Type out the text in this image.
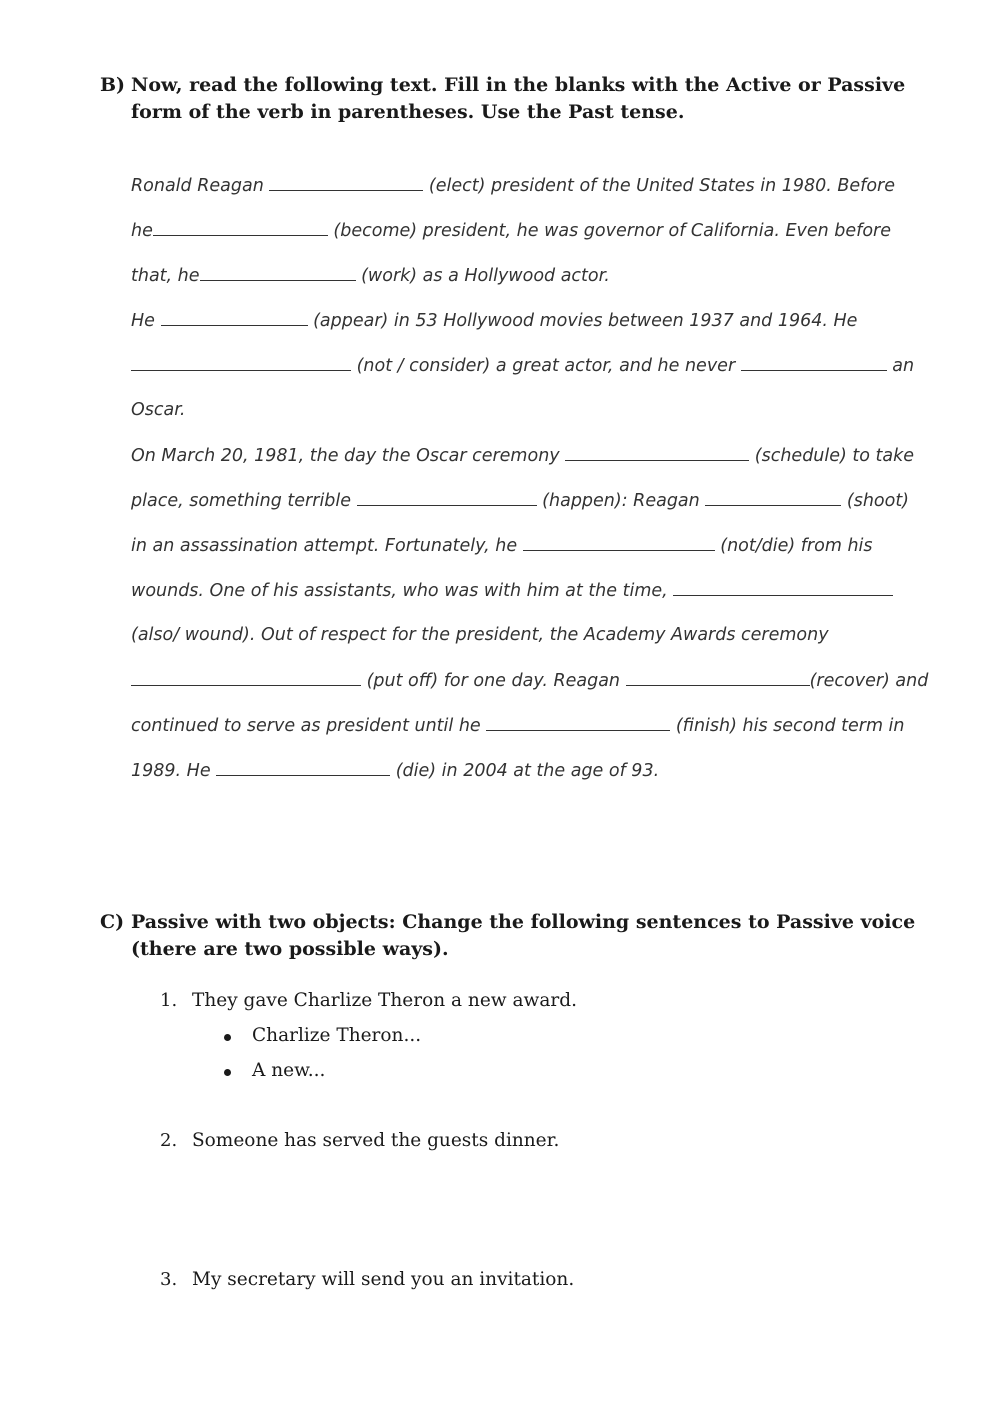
B) Now, read the following text. Fill in the blanks with the Active or Passive form of the verb in parentheses. Use the Past tense.
Ronald Reagan	(elect) president of the United States in 1980. Before
he	(become) president, he was governor of California. Even before
that, he	(work) as a Hollywood actor.
He	(appear) in 53 Hollywood movies between 1937 and 1964. He
(not / consider) a great actor, and he never	an
Oscar.
On March 20, 1981, the day the Oscar ceremony	(schedule) to take
place, something terrible	(happen): Reagan	(shoot)
in an assassination attempt. Fortunately, he	(not/die) from his
wounds. One of his assistants, who was with him at the time,
(also/ wound). Out of respect for the president, the Academy Awards ceremony
(put off) for one day. Reagan	(recover) and
continued to serve as president until he	(finish) his second term in
1989. He	(die) in 2004 at the age of 93.
C) Passive with two objects: Change the following sentences to Passive voice (there are two possible ways).
1. They gave Charlize Theron a new award.
Charlize Theron...
A new...
2. Someone has served the guests dinner.
3. My secretary will send you an invitation.
